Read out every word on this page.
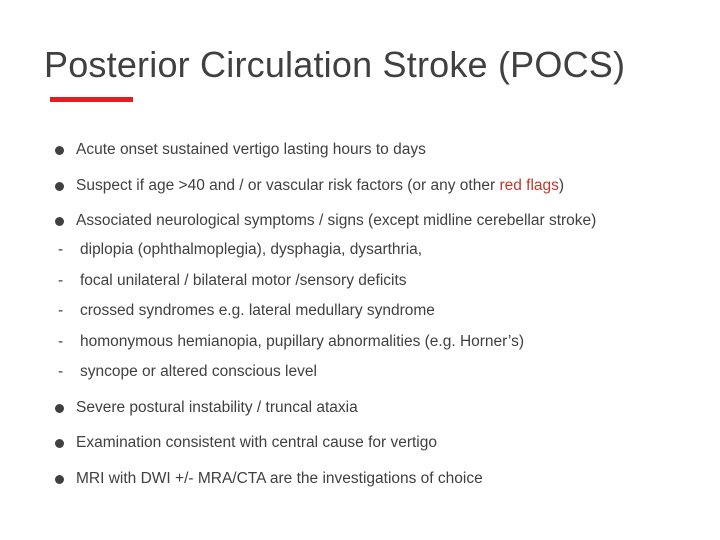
Posterior Circulation Stroke (POCS)
Acute onset sustained vertigo lasting hours to days
Suspect if age >40 and / or vascular risk factors (or any other red flags)
Associated neurological symptoms / signs (except midline cerebellar stroke)
- diplopia (ophthalmoplegia), dysphagia, dysarthria,
- focal unilateral / bilateral motor /sensory deficits
- crossed syndromes e.g. lateral medullary syndrome
- homonymous hemianopia, pupillary abnormalities (e.g. Horner’s)
- syncope or altered conscious level
Severe postural instability / truncal ataxia
Examination consistent with central cause for vertigo
MRI with DWI +/- MRA/CTA are the investigations of choice
